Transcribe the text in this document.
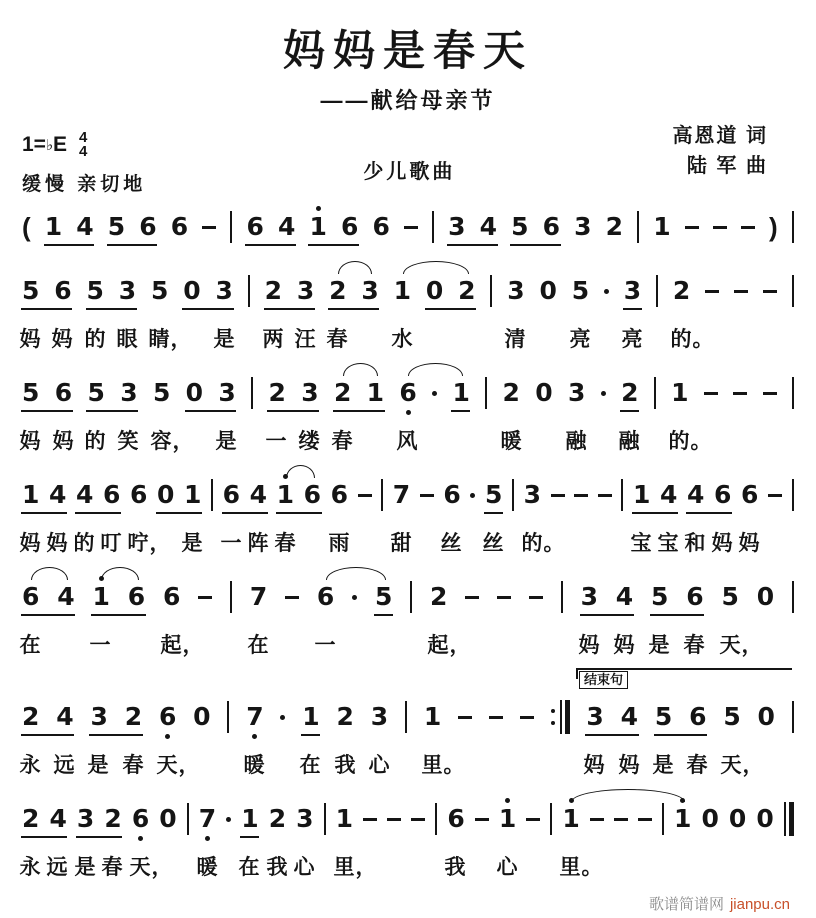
妈妈是春天
——献给母亲节
1= ♭ E 4
4
缓慢 亲切地
少儿歌曲
高恩道 词
陆 军 曲
( 1 4 5 6 6 6 4 1 6 6 3 4 5 6 3 2 1	)
5 6 5 3 5 0 3 2 3 2 3 1 0 2 3 0 5 3 2
妈 妈 的 眼 睛， 是 两 汪 春 水	清 亮 亮 的。
5 6 5 3 5 0 3 2 3 2 1 6 1 2 0 3 2 1
妈 妈 的 笑 容， 是 一 缕 春 风	暖 融 融 的。
1 4 4 6 6 0 1 6 4 1 6 6 7 6 5 3	1 4 4 6 6
妈 妈 的 叮 咛， 是 一 阵 春 雨 甜 丝 丝 的。	宝 宝 和 妈 妈
6 4 1 6 6	7 6 5 2	3 4 5 6 5 0
在 一 起， 在 一	起，	妈 妈 是 春 天，
2 4 3 2 6 0 7 1 2 3 1	3 4 5 6 5 0
结束句
永 远 是 春 天， 暖 在 我 心 里。	妈 妈 是 春 天，
2 4 3 2 6 0 7 1 2 3 1	6 1 1	1 0 0 0
永 远 是 春 天， 暖 在 我 心 里，	我 心 里。
歌谱简谱网 jianpu.cn
